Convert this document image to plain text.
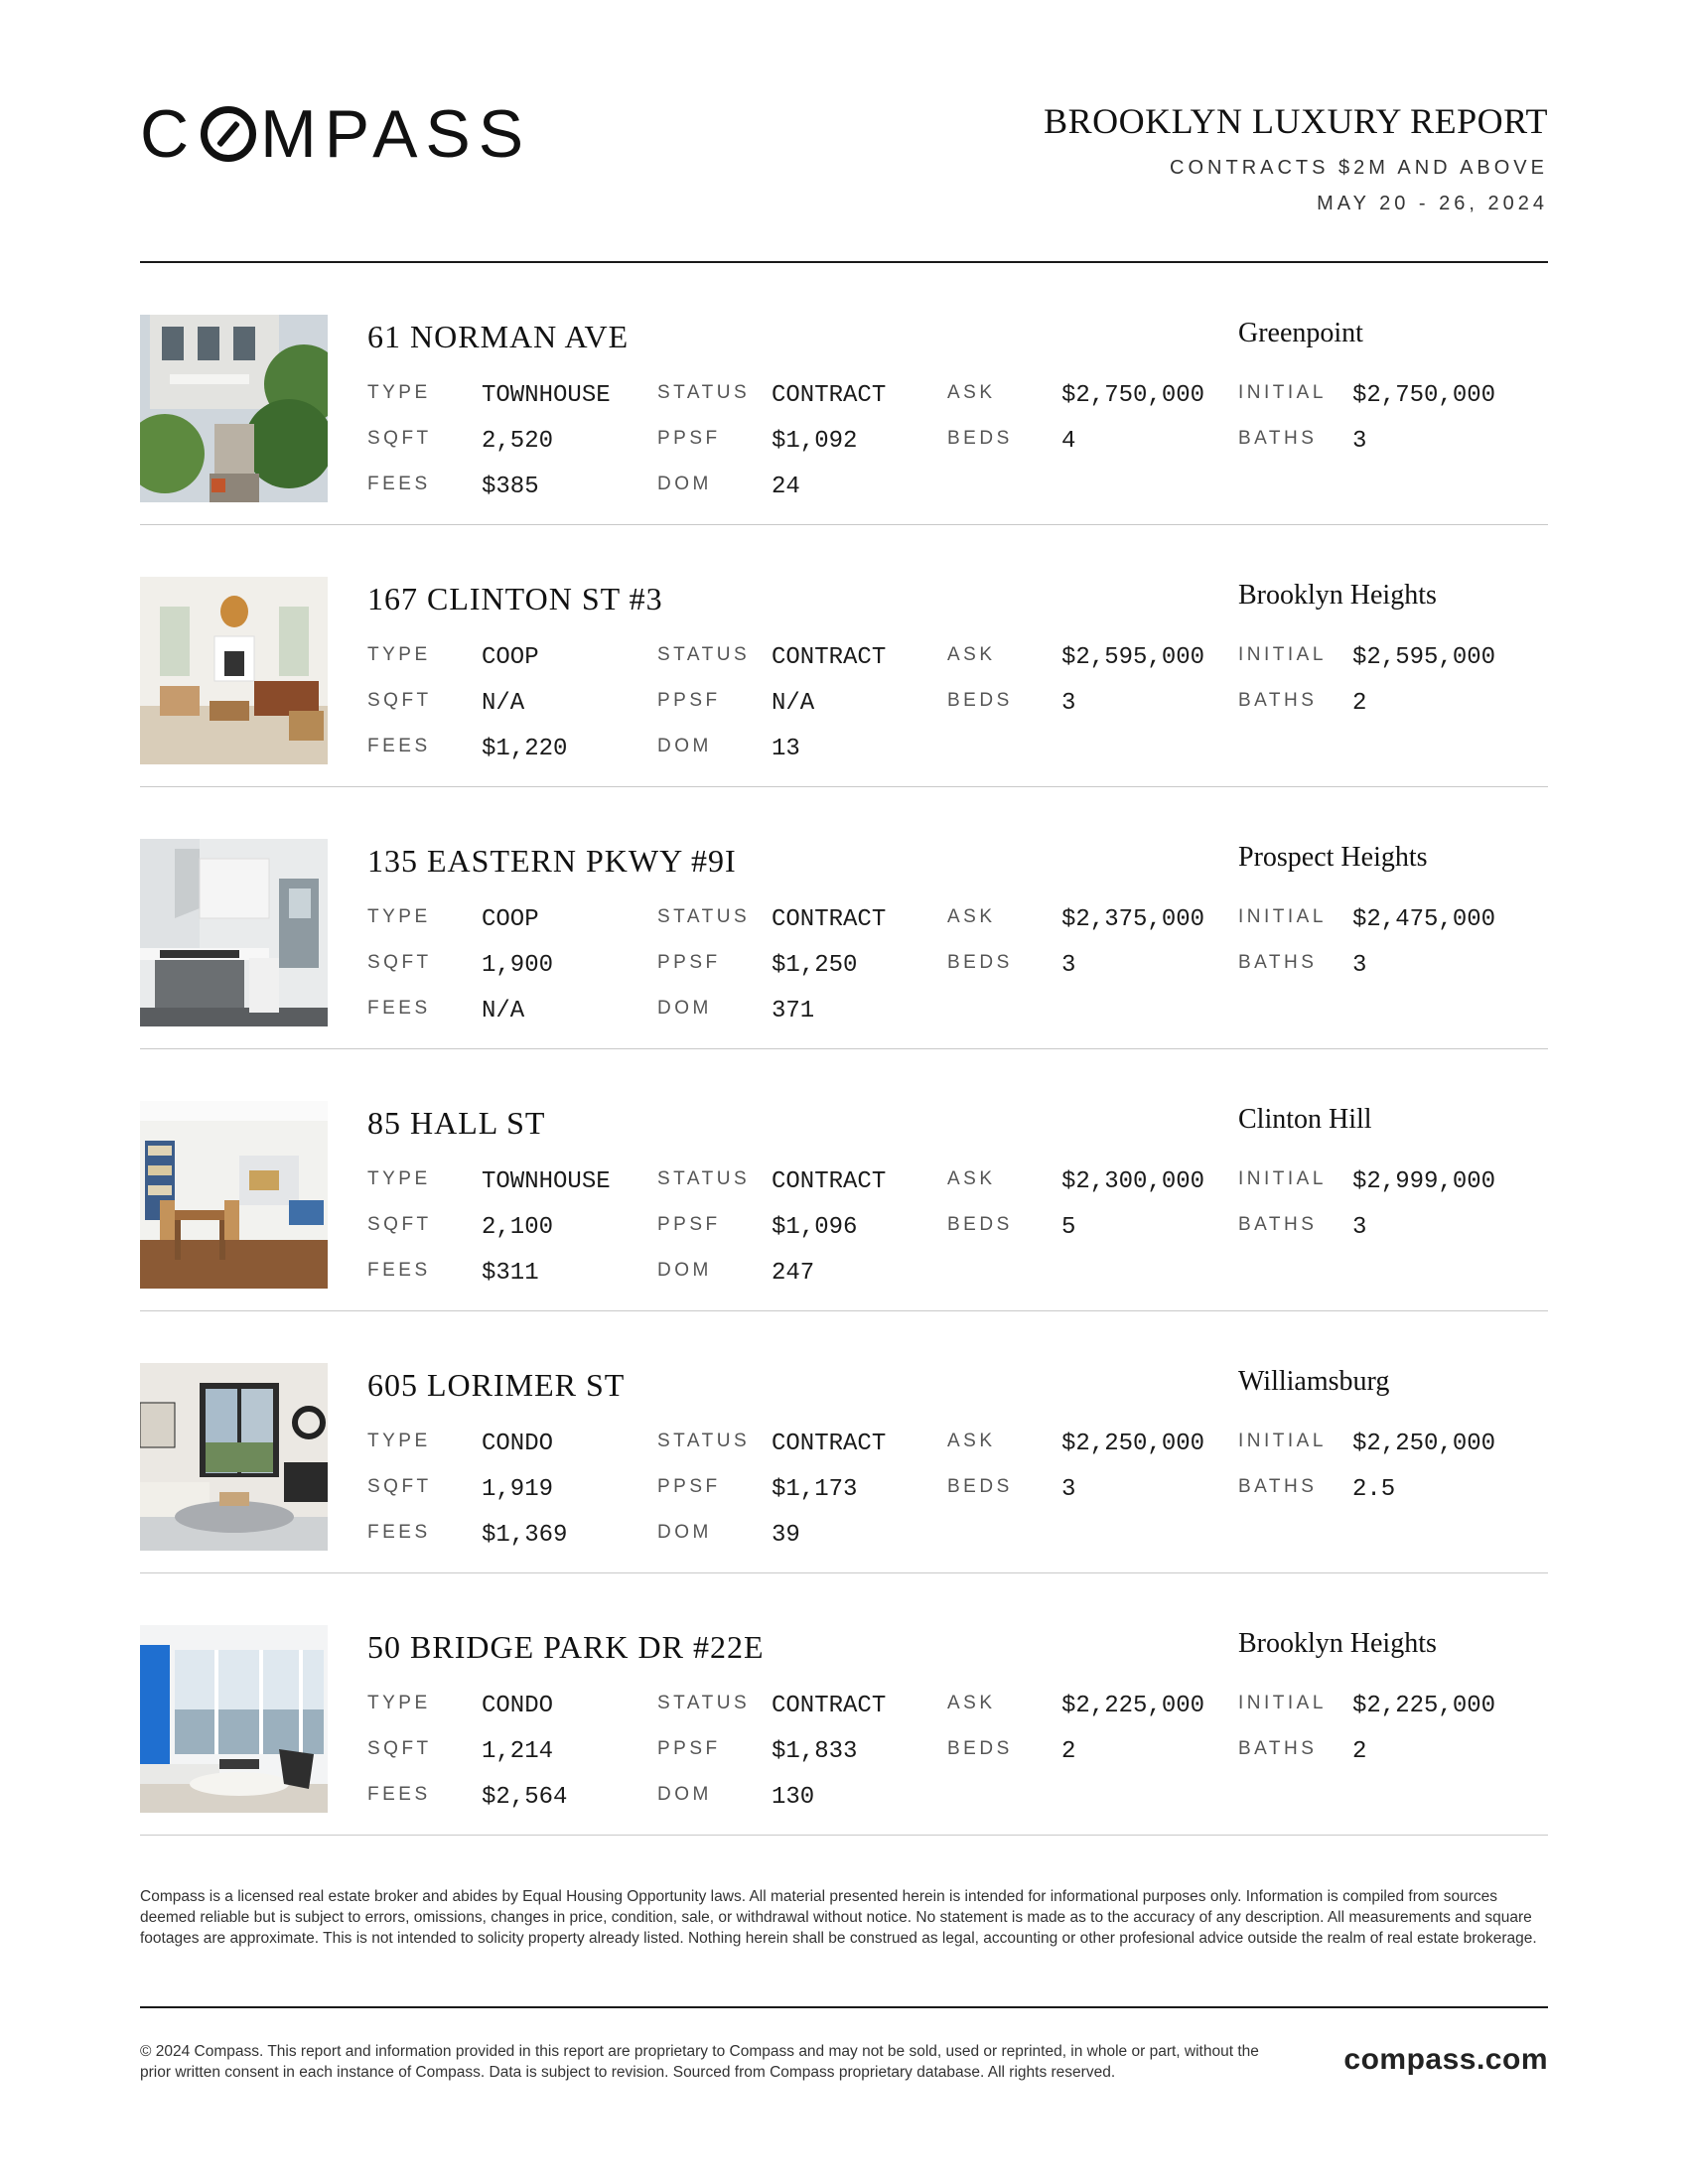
C MPASS	BROOKLYN LUXURY REPORT
CONTRACTS $2M AND ABOVE
MAY 20 - 26, 2024
61 NORMAN AVE	Greenpoint
TYPE TOWNHOUSE STATUS CONTRACT	ASK	$2,750,000 INITIAL $2,750,000
SQFT 2,520	PPSF $1,092	BEDS 4	BATHS 3
FEES $385	DOM	24
167 CLINTON ST #3	Brooklyn Heights
TYPE COOP	STATUS CONTRACT	ASK	$2,595,000 INITIAL $2,595,000
SQFT N/A	PPSF N/A	BEDS 3	BATHS 2
FEES $1,220	DOM	13
135 EASTERN PKWY #9I	Prospect Heights
TYPE COOP	STATUS CONTRACT	ASK	$2,375,000 INITIAL $2,475,000
SQFT 1,900	PPSF $1,250	BEDS 3	BATHS 3
FEES N/A	DOM	371
85 HALL ST	Clinton Hill
TYPE TOWNHOUSE STATUS CONTRACT	ASK	$2,300,000 INITIAL $2,999,000
SQFT 2,100	PPSF $1,096	BEDS 5	BATHS 3
FEES $311	DOM	247
605 LORIMER ST	Williamsburg
TYPE CONDO	STATUS CONTRACT	ASK	$2,250,000 INITIAL $2,250,000
SQFT 1,919	PPSF $1,173	BEDS 3	BATHS 2.5
FEES $1,369	DOM	39
50 BRIDGE PARK DR #22E	Brooklyn Heights
TYPE CONDO	STATUS CONTRACT	ASK	$2,225,000 INITIAL $2,225,000
SQFT 1,214	PPSF $1,833	BEDS 2	BATHS 2
FEES $2,564	DOM	130
Compass is a licensed real estate broker and abides by Equal Housing Opportunity laws. All material presented herein is intended for informational purposes only. Information is compiled from sources deemed reliable but is subject to errors, omissions, changes in price, condition, sale, or withdrawal without notice. No statement is made as to the accuracy of any description. All measurements and square footages are approximate. This is not intended to solicity property already listed. Nothing herein shall be construed as legal, accounting or other profesional advice outside the realm of real estate brokerage.
© 2024 Compass. This report and information provided in this report are proprietary to Compass and may not be sold, used or reprinted, in whole or part, without the prior written consent in each instance of Compass. Data is subject to revision. Sourced from Compass proprietary database. All rights reserved.	compass.com
